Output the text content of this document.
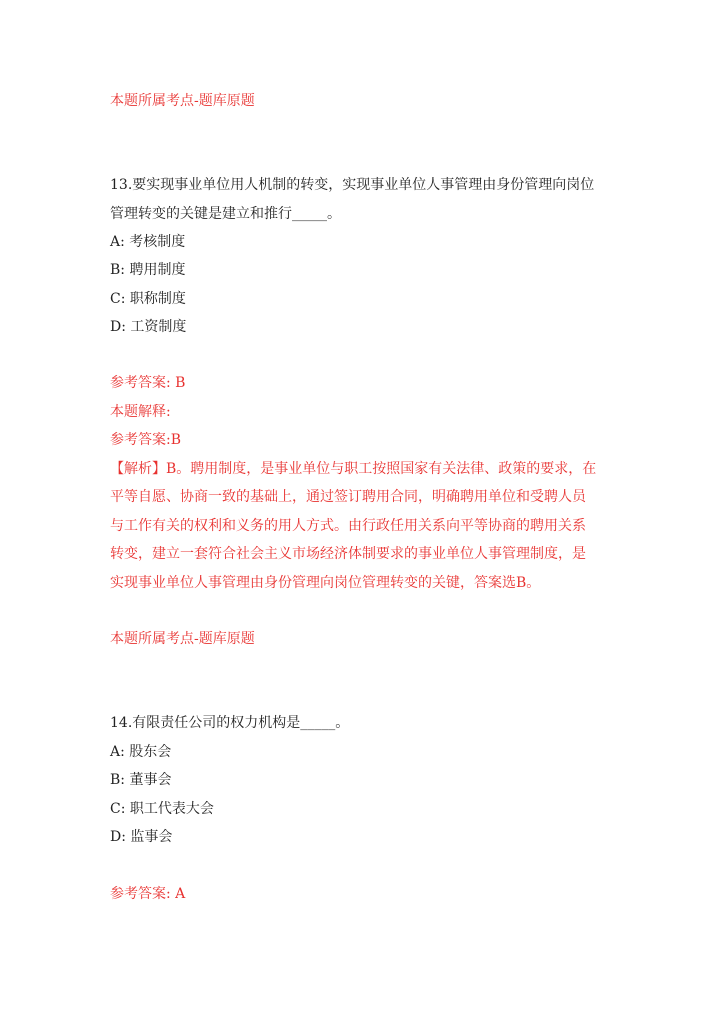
本题所属考点-题库原题
13.要实现事业单位用人机制的转变，实现事业单位人事管理由身份管理向岗位
管理转变的关键是建立和推行_____。
A: 考核制度
B: 聘用制度
C: 职称制度
D: 工资制度
参考答案: B
本题解释:
参考答案:B
【解析】B。聘用制度，是事业单位与职工按照国家有关法律、政策的要求，在
平等自愿、协商一致的基础上，通过签订聘用合同，明确聘用单位和受聘人员
与工作有关的权利和义务的用人方式。由行政任用关系向平等协商的聘用关系
转变，建立一套符合社会主义市场经济体制要求的事业单位人事管理制度，是
实现事业单位人事管理由身份管理向岗位管理转变的关键，答案选B。
本题所属考点-题库原题
14.有限责任公司的权力机构是_____。
A: 股东会
B: 董事会
C: 职工代表大会
D: 监事会
参考答案: A
